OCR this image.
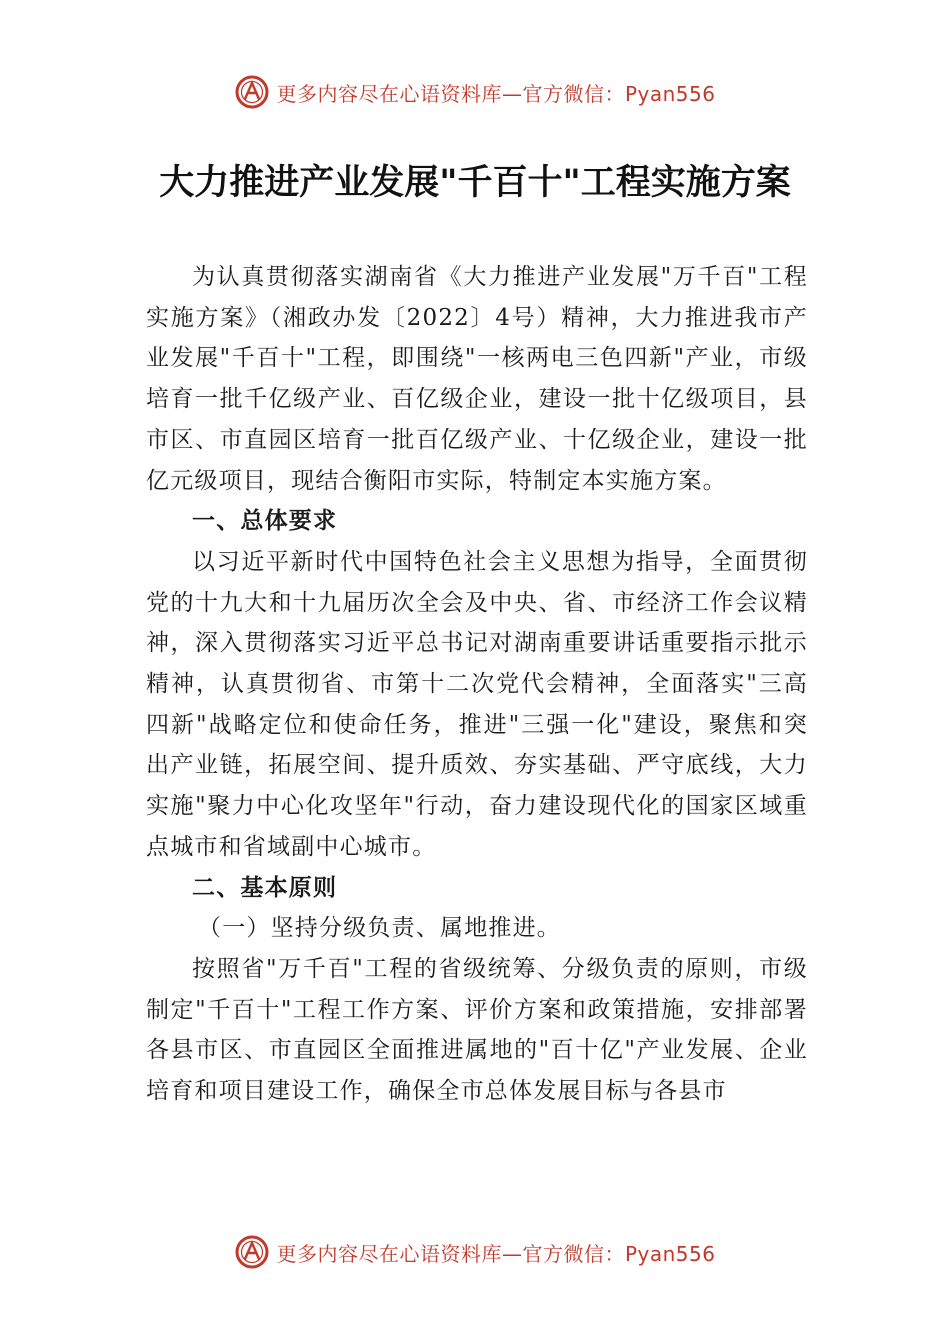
更多内容尽在心语资料库—官方微信：Pyan556
大力推进产业发展"千百十"工程实施方案

为认真贯彻落实湖南省《大力推进产业发展"万千百"工程实施方案》（湘政办发〔2022〕4号）精神，大力推进我市产业发展"千百十"工程，即围绕"一核两电三色四新"产业，市级培育一批千亿级产业、百亿级企业，建设一批十亿级项目，县市区、市直园区培育一批百亿级产业、十亿级企业，建设一批亿元级项目，现结合衡阳市实际，特制定本实施方案。

一、总体要求

以习近平新时代中国特色社会主义思想为指导，全面贯彻党的十九大和十九届历次全会及中央、省、市经济工作会议精神，深入贯彻落实习近平总书记对湖南重要讲话重要指示批示精神，认真贯彻省、市第十二次党代会精神，全面落实"三高四新"战略定位和使命任务，推进"三强一化"建设，聚焦和突出产业链，拓展空间、提升质效、夯实基础、严守底线，大力实施"聚力中心化攻坚年"行动，奋力建设现代化的国家区域重点城市和省域副中心城市。

二、基本原则

（一）坚持分级负责、属地推进。

按照省"万千百"工程的省级统筹、分级负责的原则，市级制定"千百十"工程工作方案、评价方案和政策措施，安排部署各县市区、市直园区全面推进属地的"百十亿"产业发展、企业培育和项目建设工作，确保全市总体发展目标与各县市

更多内容尽在心语资料库—官方微信：Pyan556
